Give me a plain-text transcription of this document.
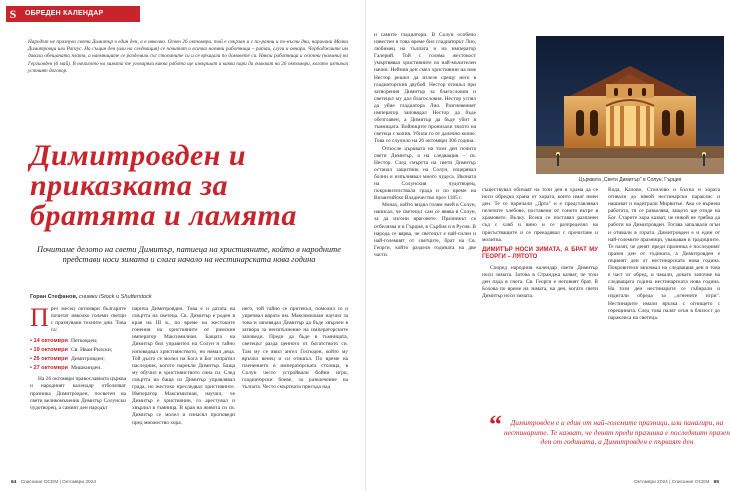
S	ОБРЕДЕН КАЛЕНДАР
Народът не празнува свети Димитър в един ден, а в няколко. Освен 26 октомври, той е свързан и с по-ранни и по-късни дни, наричани Малки Димитровци или Рапгус. На същия ден (или на следващия) се почитат и всички наемни работници – ратаи, слуги и овчари. Чорбаджиите им давали обещаната плата, а наемниците се разделяли със стопаните си и се връщали по домовете си. Някои работници и сезонни (наемни) на Гергьовден (6 май). В началото на зимата те уговаряли каква работа ще извършат и каква пари да очакват на 26 октомври, когато изтичал устният договор.
Димитровден и приказката за братята и ламята
Почитаме делото на свети Димитър, патиеца на християните, който в народните представи носи зимата и слага начало на нестинарската нова година
Горан Стефанов, снимки iStock и Shutterstock
П рез месец октомври българите почитат няколко големи светци с празнувани техните дни. Това са:

• 14 октомври Петковден;
• 19 октомври Св. Иван Рилски;
• 26 октомври Димитровден;
• 27 октомври Мишкинден.

На 26 октомври православната църква и народният календар отбелязват празника Димитровден, посветен на свети великомъченик Димитър Солунски чудотворец, а самият ден народът

нарича Димитровден. Това е и датата на смъртта на светеца. Св. Димитър е роден в края на III в., по време на жестоките гонения на християните от римския император Максимилиан. Бащата на Димитър бил управител на Солун и тайно изповядвал християнството, но нямал деца. Той дълго се молил на Бога и Бог изпратил наследник, когото нарекли Димитър. Баща му обучил в християнството сина си. След смъртта на баща си Димитър управлявал града, но жестоко преследвал християните. Император Максимилиан, научил, че Димитър е християнин, го арестувал и хвърлил в тъмница. В края на живота си св. Димитър се молел и изнасял проповеди пред множество хора.

него, той тайно се притекъл, помолил се и укрепвал вярата им. Максимилиан научил за това и заповядал Димитър да бъде хвърлен в затвора за неизпълнение на императорските заповеди. Преди да бъде в тъмницата, светецът разда ценното от богатството си. Там му се явил ангел Господен, който му връчил венец и си отишъл. По време на пленението в императорската столица, в Солун често устройвали бойни игри, гладиаторски боеве, за развлечение на тълпата. Често смъртната присъда над

64 Списание ОСЕМ | Октомври 2024

и самите гладиатори. В Солун особено известен в това време бил гладиаторът Лио, любимец на тълпата и на император Галерий. Той с голяма жестокост умъртвявал християните по най-мъчителен начин. Нейния ден смел християнин на име Нестор решил да излезе срещу него в гладиаторския двубой. Нестор отишъл при затворения Димитър за благословия и светецът му дал благословия. Нестор успял да убие гладиатора Лио. Разгневеният император заповядал Нестор да бъде обезглавен, а Димитър да бъде убит в тъмницата. Войниците пронизали тялото на светеца с копия. Убили го от далечно копие. Това се случило на 26 октомври 306 година.

Отпосле църквата на този ден почита свети Димитър, а на следващия – св. Нестор. След смъртта на свети Димитър останал защитник на Солун, изцерявал болни и изпълнявал много чудеса. Иконата на Солунския чудотворец, покровителствала града и по време на Византийско Владичество през 1185 г.

Монах, който видял голям змей в Солун, написал, че светецът сам се явява в Солун, за да изгони враговете. Празникът се отбелязва и в Гърция, в Сърбия и в Русия. В народа се вярва, че светецът е най-силен и най-големият от светците, брат на Св. Георги, който разделя годината на две части.

Църквата „Свети Димитър" в Солун, Гърция

съществувал обичаят на този ден в храма да се носи обредна храна от хората, които имат имен ден. Те се наричали „Дрта" и е представлявал пелепите хлебове, поставени от соното вътре в храмовете. Вълку. Всеки се поставял разпанен съд с хляб и вино и се разпределял на присъстващите и се прекадявал с прочитане и молитва.

ДИМИТЪР НОСИ ЗИМАТА, А БРАТ МУ ГЕОРГИ – ЛЯТОТО

Според народния календар свети Димитър носи зимата. Затова в Странджа казват, че този ден пада в снега. Св. Георги е неговият брат. В Бохова по време на зимата, на ден, когато свети Димитър носи зимата.

Вода, Калово, Стоилово и Бъхна и хората отивали до някой нестинарски параклис и нашиват и надиграли Мирвитье. Ако се върнеш работата, тя се развалява, защото ще отиде на Бог. Старите хора казват, че никой не трябва да работи на Димитровден. Тогава запалвали огън и отивали в гората. Димитровден е и един от най-големите празници, уважаван в традициите. Те пазят, че денят преди празника е последният празен ден от годината, а Димитровден е първият ден от нестинарската нова година. Покровителя започвал на следващия ден и това е част от обред, и чакали, докато започне на следващата година нестинарската нова година. На този ден нестинарите се събирали и издигали обреда за „огнените игри". Нестинарите имали връзка с огнището с горещината. След това палят огън в близост до параклиса на светеца.

Октомври 2024 | Списание ОСЕМ 65
“	Димитровден е и един от най-големите празници, или панагири, на нестинарите. Те казват, че денят преди празника е последният празен ден от годината, а Димитровден е първият ден
